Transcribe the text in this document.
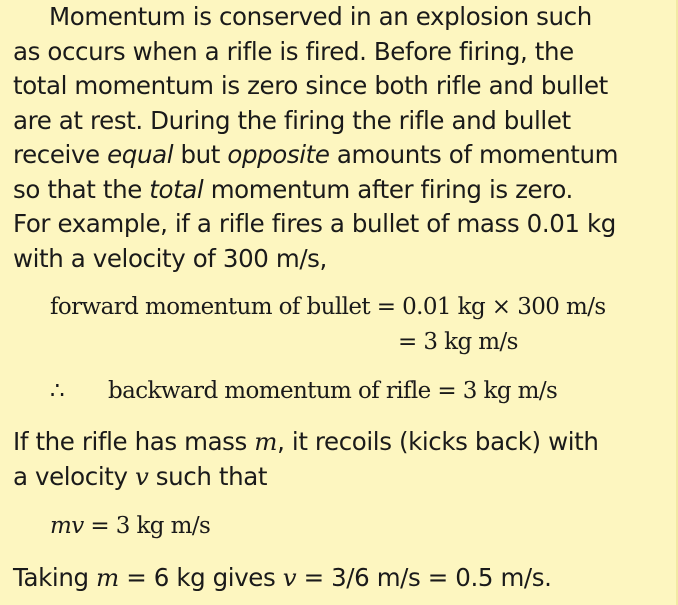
Momentum is conserved in an explosion such
as occurs when a rifle is fired. Before firing, the
total momentum is zero since both rifle and bullet
are at rest. During the firing the rifle and bullet
receive equal but opposite amounts of momentum
so that the total momentum after firing is zero.
For example, if a rifle fires a bullet of mass 0.01 kg
with a velocity of 300 m/s,
forward momentum of bullet = 0.01 kg × 300 m/s
= 3 kg m/s
∴ backward momentum of rifle = 3 kg m/s
If the rifle has mass m, it recoils (kicks back) with
a velocity v such that
mv = 3 kg m/s
Taking m = 6 kg gives v = 3/6 m/s = 0.5 m/s.
